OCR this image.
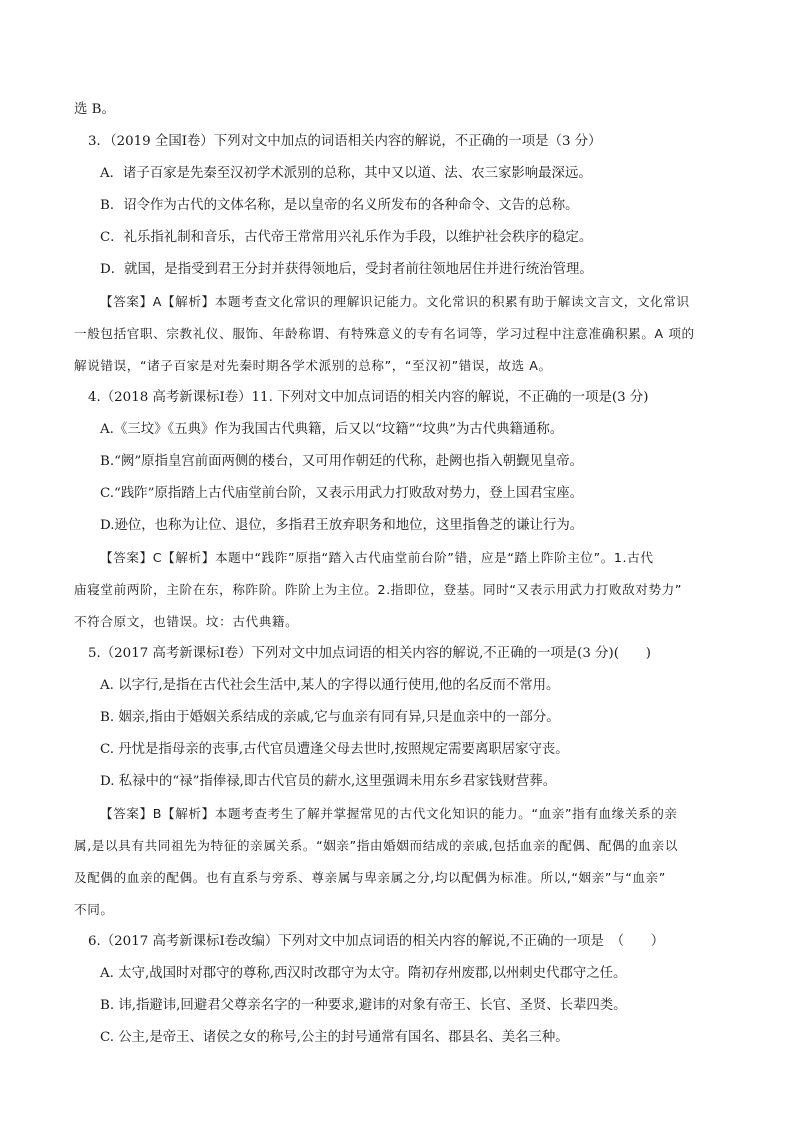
选 B。
3．（2019 全国Ⅰ卷）下列对文中加点的词语相关内容的解说，不正确的一项是（3 分）
A．诸子百家是先秦至汉初学术派别的总称，其中又以道、法、农三家影响最深远。
B．诏令作为古代的文体名称，是以皇帝的名义所发布的各种命令、文告的总称。
C．礼乐指礼制和音乐，古代帝王常常用兴礼乐作为手段，以维护社会秩序的稳定。
D．就国，是指受到君王分封并获得领地后，受封者前往领地居住并进行统治管理。
【答案】A【解析】本题考查文化常识的理解识记能力。文化常识的积累有助于解读文言文，文化常识
一般包括官职、宗教礼仪、服饰、年龄称谓、有特殊意义的专有名词等，学习过程中注意准确积累。A 项的
解说错误，“诸子百家是对先秦时期各学术派别的总称”，“至汉初”错误，故选 A。
4.（2018 高考新课标Ⅰ卷）11. 下列对文中加点词语的相关内容的解说，不正确的一项是(3 分)
A.《三坟》《五典》作为我国古代典籍，后又以“坟籍”“坟典”为古代典籍通称。
B.“阙”原指皇宫前面两侧的楼台，又可用作朝廷的代称，赴阙也指入朝觐见皇帝。
C.“践阼”原指踏上古代庙堂前台阶，又表示用武力打败敌对势力，登上国君宝座。
D.逊位，也称为让位、退位，多指君王放弃职务和地位，这里指鲁芝的谦让行为。
【答案】C【解析】本题中“践阼”原指“踏入古代庙堂前台阶”错，应是“踏上阼阶主位”。1.古代
庙寝堂前两阶，主阶在东，称阼阶。阼阶上为主位。2.指即位，登基。同时“又表示用武力打败敌对势力”
不符合原文，也错误。坟：古代典籍。
5.（2017 高考新课标Ⅰ卷）下列对文中加点词语的相关内容的解说,不正确的一项是(3 分)(　　)
A. 以字行,是指在古代社会生活中,某人的字得以通行使用,他的名反而不常用。
B. 姻亲,指由于婚姻关系结成的亲戚,它与血亲有同有异,只是血亲中的一部分。
C. 丹忧是指母亲的丧事,古代官员遭逢父母去世时,按照规定需要离职居家守丧。
D. 私禄中的“禄”指俸禄,即古代官员的薪水,这里强调未用东乡君家钱财营葬。
【答案】B【解析】本题考查考生了解并掌握常见的古代文化知识的能力。“血亲”指有血缘关系的亲
属,是以具有共同祖先为特征的亲属关系。“姻亲”指由婚姻而结成的亲戚,包括血亲的配偶、配偶的血亲以
及配偶的血亲的配偶。也有直系与旁系、尊亲属与卑亲属之分,均以配偶为标准。所以,“姻亲”与“血亲”
不同。
6.（2017 高考新课标Ⅰ卷改编）下列对文中加点词语的相关内容的解说,不正确的一项是　（　　）
A. 太守,战国时对郡守的尊称,西汉时改郡守为太守。隋初存州废郡,以州刺史代郡守之任。
B. 讳,指避讳,回避君父尊亲名字的一种要求,避讳的对象有帝王、长官、圣贤、长辈四类。
C. 公主,是帝王、诸侯之女的称号,公主的封号通常有国名、郡县名、美名三种。
